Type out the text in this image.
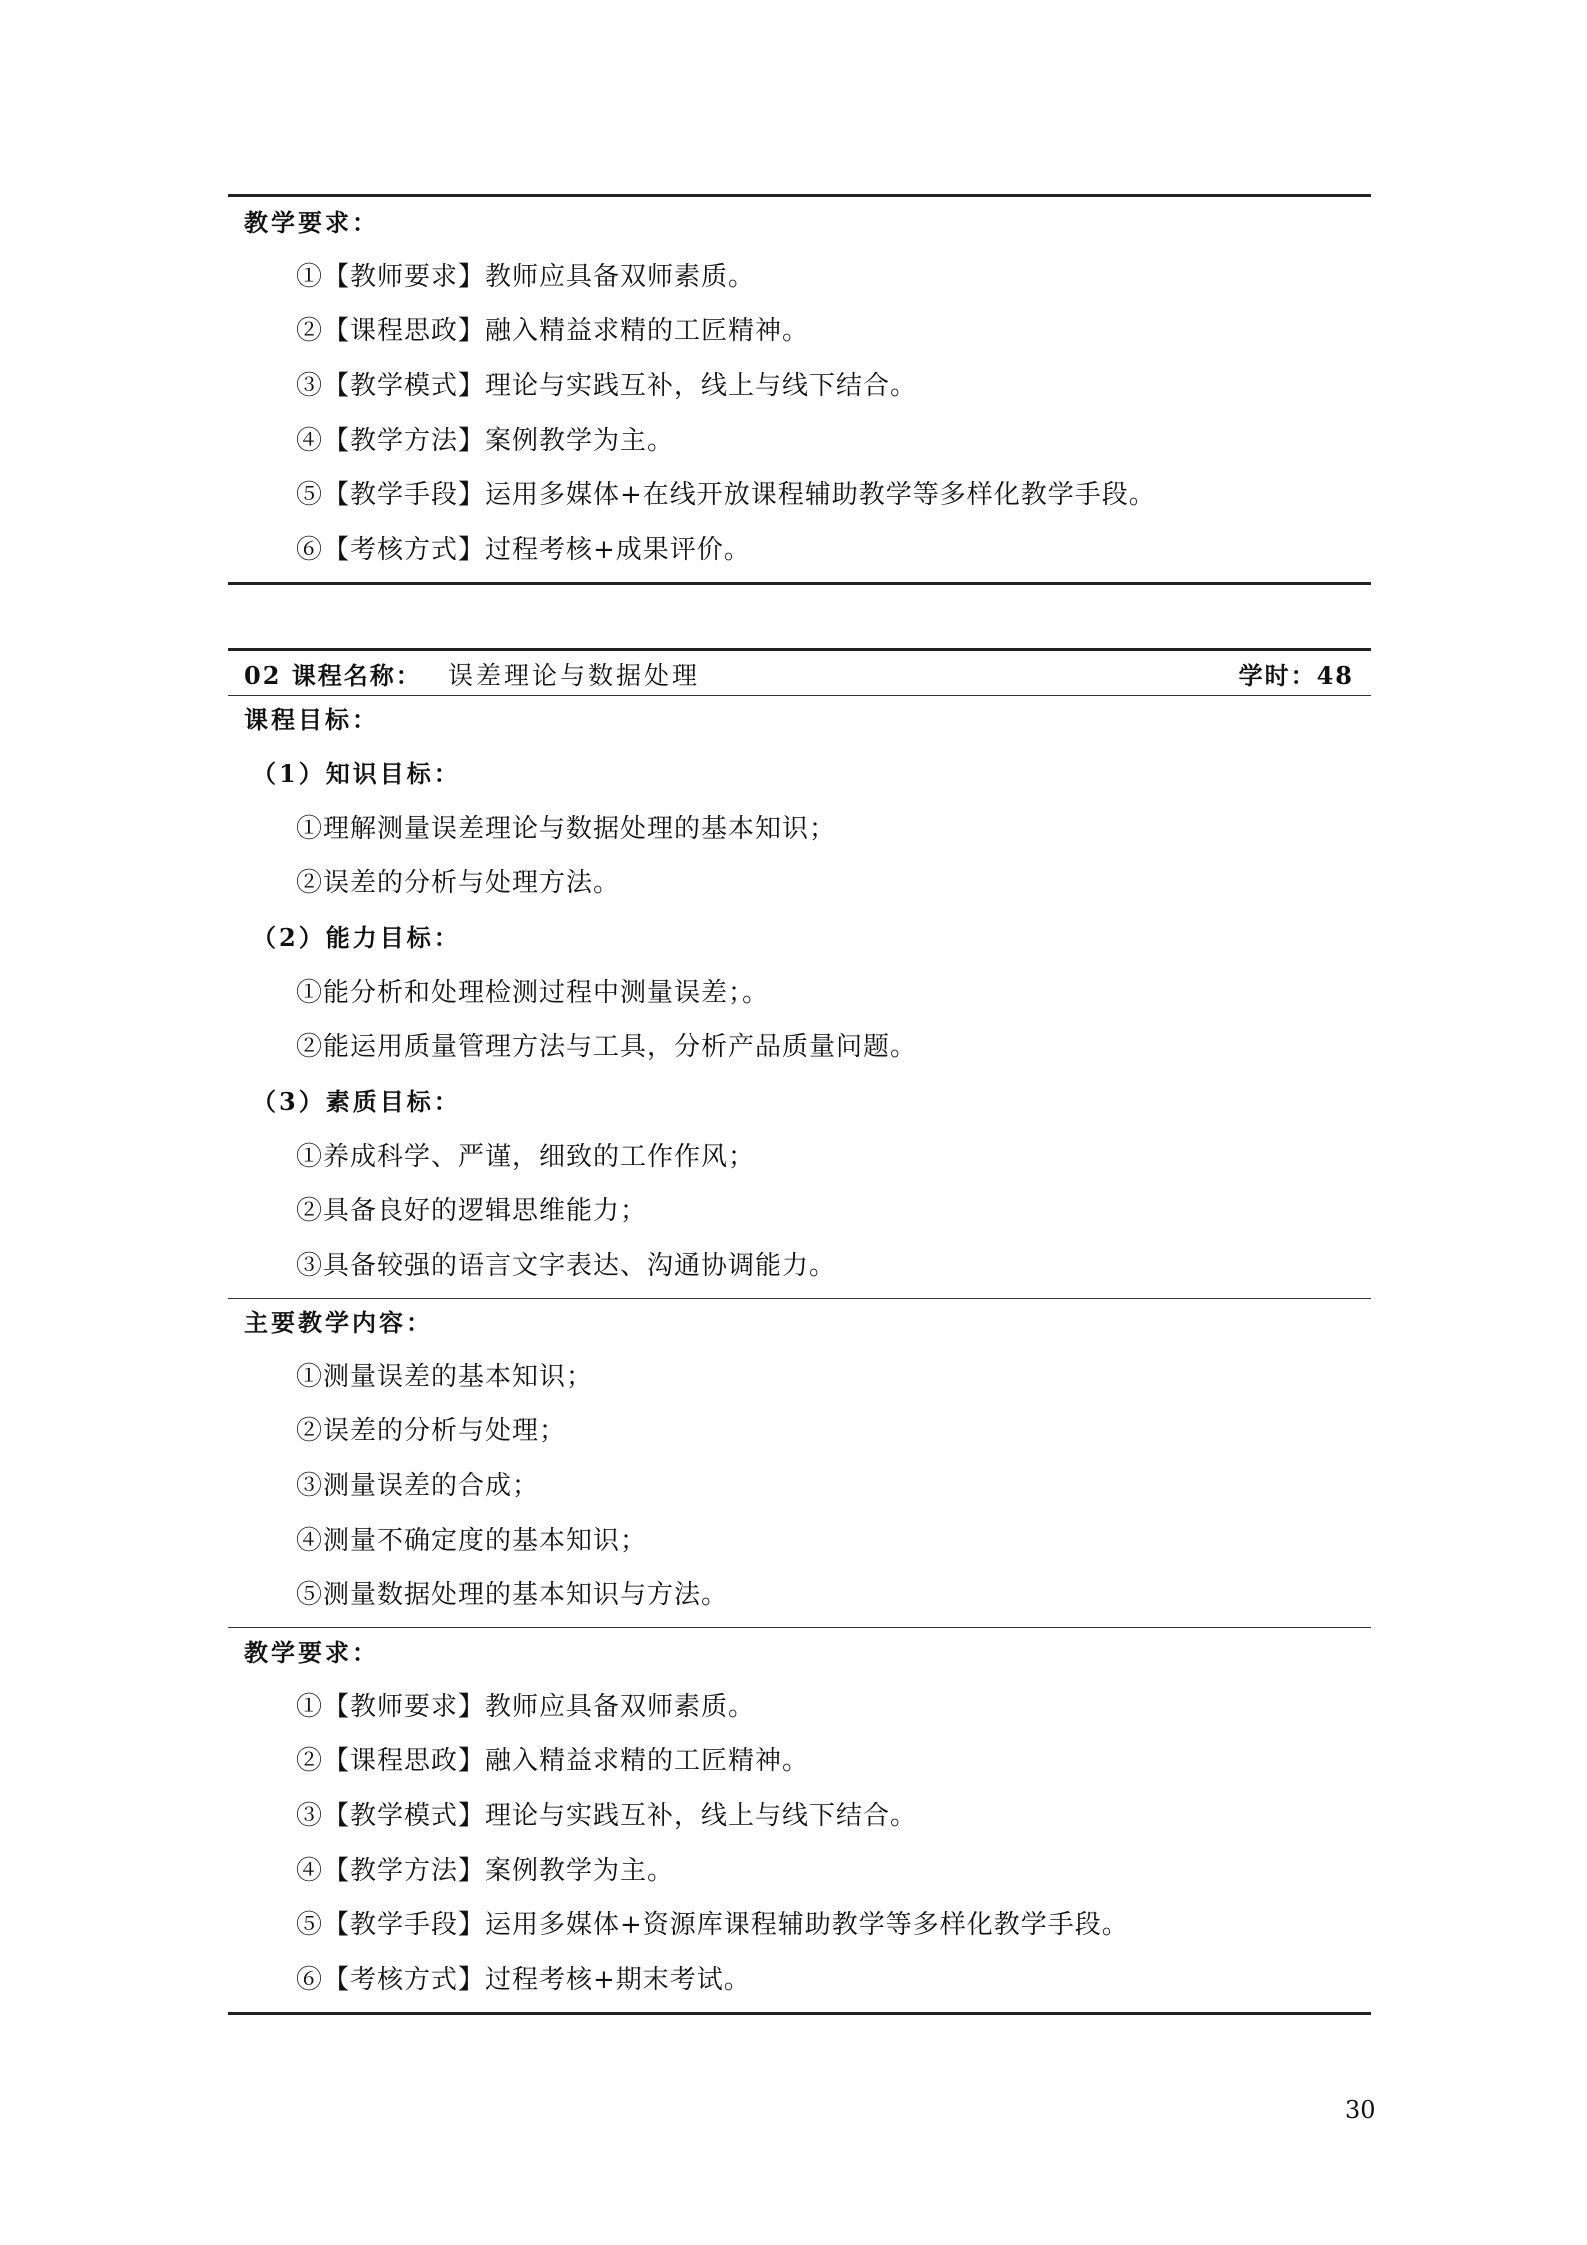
教学要求：
①【教师要求】教师应具备双师素质。
②【课程思政】融入精益求精的工匠精神。
③【教学模式】理论与实践互补，线上与线下结合。
④【教学方法】案例教学为主。
⑤【教学手段】运用多媒体+在线开放课程辅助教学等多样化教学手段。
⑥【考核方式】过程考核+成果评价。
02 课程名称： 误差理论与数据处理	学时：48
课程目标：
（1）知识目标：
①理解测量误差理论与数据处理的基本知识；
②误差的分析与处理方法。
（2）能力目标：
①能分析和处理检测过程中测量误差；。
②能运用质量管理方法与工具，分析产品质量问题。
（3）素质目标：
①养成科学、严谨，细致的工作作风；
②具备良好的逻辑思维能力；
③具备较强的语言文字表达、沟通协调能力。
主要教学内容：
①测量误差的基本知识；
②误差的分析与处理；
③测量误差的合成；
④测量不确定度的基本知识；
⑤测量数据处理的基本知识与方法。
教学要求：
①【教师要求】教师应具备双师素质。
②【课程思政】融入精益求精的工匠精神。
③【教学模式】理论与实践互补，线上与线下结合。
④【教学方法】案例教学为主。
⑤【教学手段】运用多媒体+资源库课程辅助教学等多样化教学手段。
⑥【考核方式】过程考核+期末考试。
30
